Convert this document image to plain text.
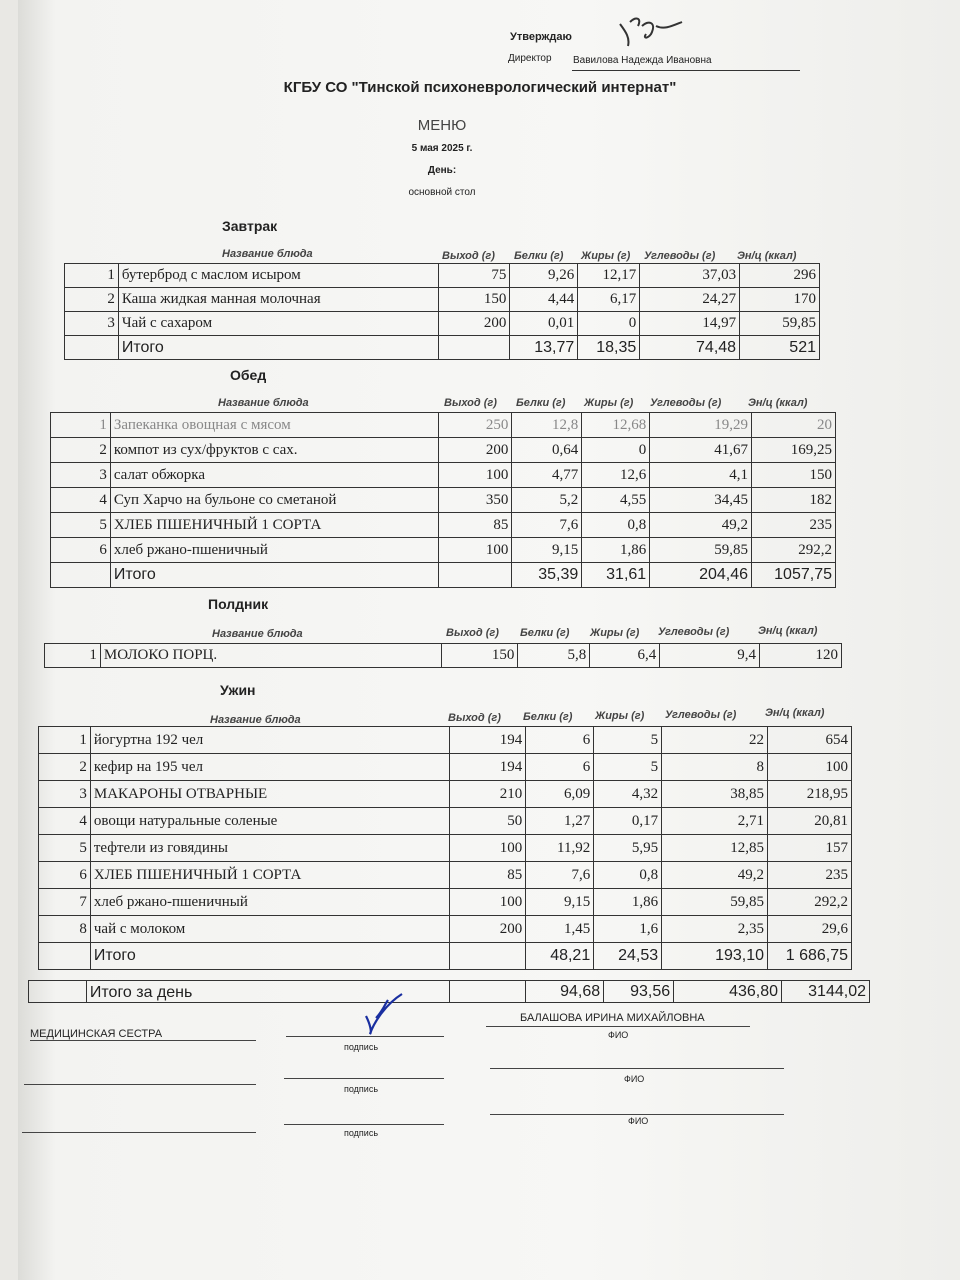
Утверждаю
Директор Вавилова Надежда Ивановна
КГБУ СО "Тинской психоневрологический интернат"
МЕНЮ
5 мая 2025 г.
День:
основной стол
Завтрак
Название блюда	Выход (г) Белки (г) Жиры (г) Углеводы (г) Эн/ц (ккал)
1	бутерброд с маслом исыром	75	9,26	12,17	37,03	296
2	Каша жидкая манная молочная	150	4,44	6,17	24,27	170
3	Чай с сахаром	200	0,01	0	14,97	59,85
	Итого		13,77	18,35	74,48	521
Обед
Название блюда	Выход (г) Белки (г) Жиры (г) Углеводы (г) Эн/ц (ккал)
1	Запеканка овощная с мясом	250	12,8	12,68	19,29	20
2	компот из сух/фруктов с сах.	200	0,64	0	41,67	169,25
3	салат обжорка	100	4,77	12,6	4,1	150
4	Суп Харчо на бульоне со сметаной	350	5,2	4,55	34,45	182
5	ХЛЕБ ПШЕНИЧНЫЙ 1 СОРТА	85	7,6	0,8	49,2	235
6	хлеб ржано-пшеничный	100	9,15	1,86	59,85	292,2
	Итого		35,39	31,61	204,46	1057,75
Полдник
Название блюда	Выход (г) Белки (г) Жиры (г) Углеводы (г)	Эн/ц (ккал)
1	МОЛОКО ПОРЦ.	150	5,8	6,4	9,4	120
Ужин
Название блюда	Выход (г) Белки (г) Жиры (г) Углеводы (г)	Эн/ц (ккал)
1	йогуртна 192 чел	194	6	5	22	654
2	кефир на 195 чел	194	6	5	8	100
3	МАКАРОНЫ ОТВАРНЫЕ	210	6,09	4,32	38,85	218,95
4	овощи натуральные соленые	50	1,27	0,17	2,71	20,81
5	тефтели из говядины	100	11,92	5,95	12,85	157
6	ХЛЕБ ПШЕНИЧНЫЙ 1 СОРТА	85	7,6	0,8	49,2	235
7	хлеб ржано-пшеничный	100	9,15	1,86	59,85	292,2
8	чай с молоком	200	1,45	1,6	2,35	29,6
	Итого		48,21	24,53	193,10	1 686,75
	Итого за день		94,68	93,56	436,80	3144,02
МЕДИЦИНСКАЯ СЕСТРА
подпись
БАЛАШОВА ИРИНА МИХАЙЛОВНА
ФИО
подпись
ФИО
подпись
ФИО
